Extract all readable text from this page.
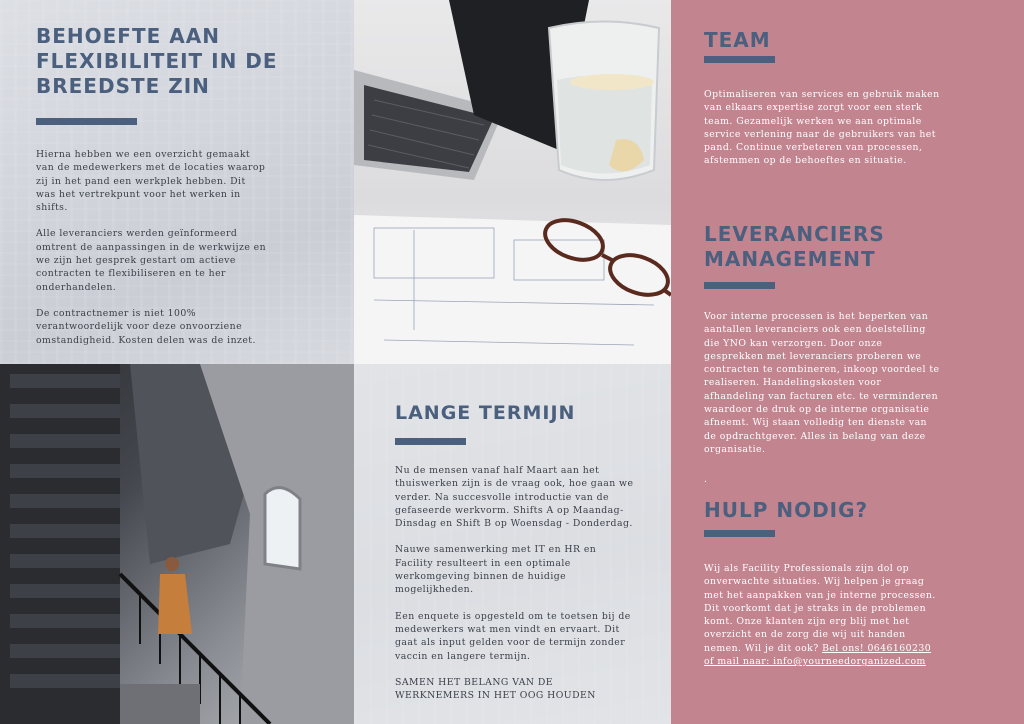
BEHOEFTE AAN FLEXIBILITEIT IN DE BREEDSTE ZIN

Hierna hebben we een overzicht gemaakt van de medewerkers met de locaties waarop zij in het pand een werkplek hebben. Dit was het vertrekpunt voor het werken in shifts.

Alle leveranciers werden geïnformeerd omtrent de aanpassingen in de werkwijze en we zijn het gesprek gestart om actieve contracten te flexibiliseren en te her onderhandelen.

De contractnemer is niet 100% verantwoordelijk voor deze onvoorziene omstandigheid. Kosten delen was de inzet.

LANGE TERMIJN

Nu de mensen vanaf half Maart aan het thuiswerken zijn is de vraag ook, hoe gaan we verder. Na succesvolle introductie van de gefaseerde werkvorm. Shifts A op Maandag-Dinsdag en Shift B op Woensdag - Donderdag.

Nauwe samenwerking met IT en HR en Facility resulteert in een optimale werkomgeving binnen de huidige mogelijkheden.

Een enquete is opgesteld om te toetsen bij de medewerkers wat men vindt en ervaart. Dit gaat als input gelden voor de termijn zonder vaccin en langere termijn.

SAMEN HET BELANG VAN DE WERKNEMERS IN HET OOG HOUDEN

TEAM
Optimaliseren van services en gebruik maken van elkaars expertise zorgt voor een sterk team. Gezamelijk werken we aan optimale service verlening naar de gebruikers van het pand. Continue verbeteren van processen, afstemmen op de behoeftes en situatie.
LEVERANCIERS MANAGEMENT
Voor interne processen is het beperken van aantallen leveranciers ook een doelstelling die YNO kan verzorgen. Door onze gesprekken met leveranciers proberen we contracten te combineren, inkoop voordeel te realiseren. Handelingskosten voor afhandeling van facturen etc. te verminderen waardoor de druk op de interne organisatie afneemt. Wij staan volledig ten dienste van de opdrachtgever. Alles in belang van deze organisatie.
.
HULP NODIG?
Wij als Facility Professionals zijn dol op onverwachte situaties. Wij helpen je graag met het aanpakken van je interne processen. Dit voorkomt dat je straks in de problemen komt. Onze klanten zijn erg blij met het overzicht en de zorg die wij uit handen nemen. Wil je dit ook? Bel ons! 0646160230 of mail naar: info@yourneedorganized.com
